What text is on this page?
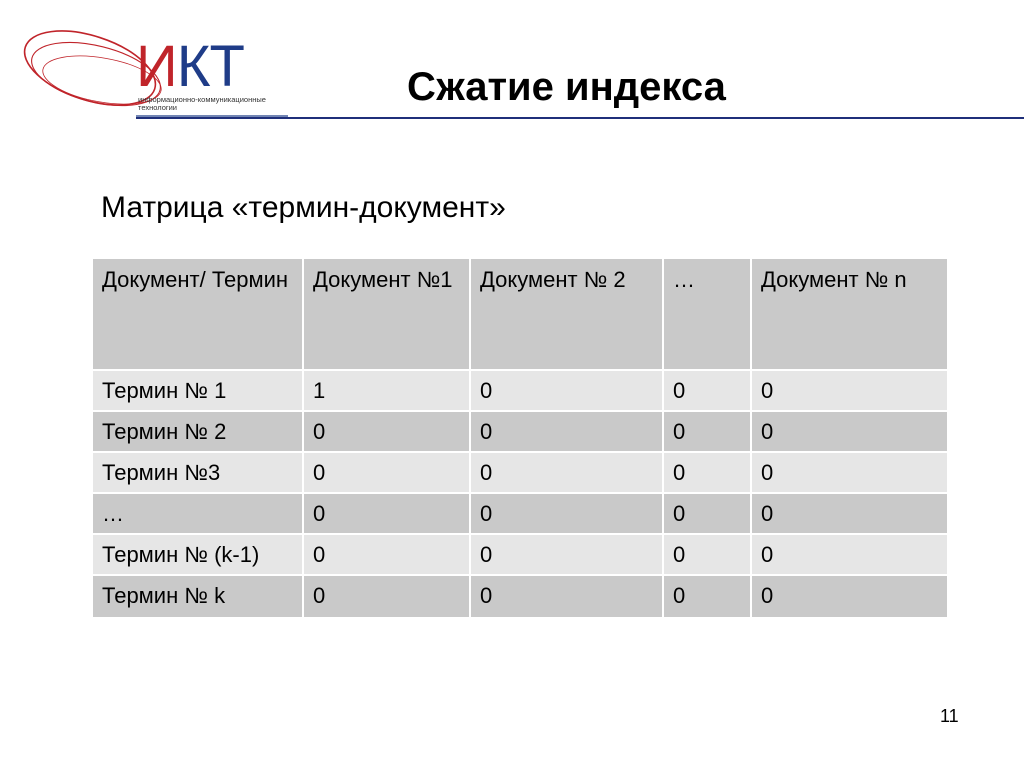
ИКТ
информационно-коммуникационные
технологии	Сжатие индекса
Матрица «термин-документ»
Документ/ Термин	Документ №1	Документ № 2	…	Документ № n
Термин № 1	1	0	0	0
Термин № 2	0	0	0	0
Термин №3	0	0	0	0
…	0	0	0	0
Термин № (k-1)	0	0	0	0
Термин № k	0	0	0	0
11
